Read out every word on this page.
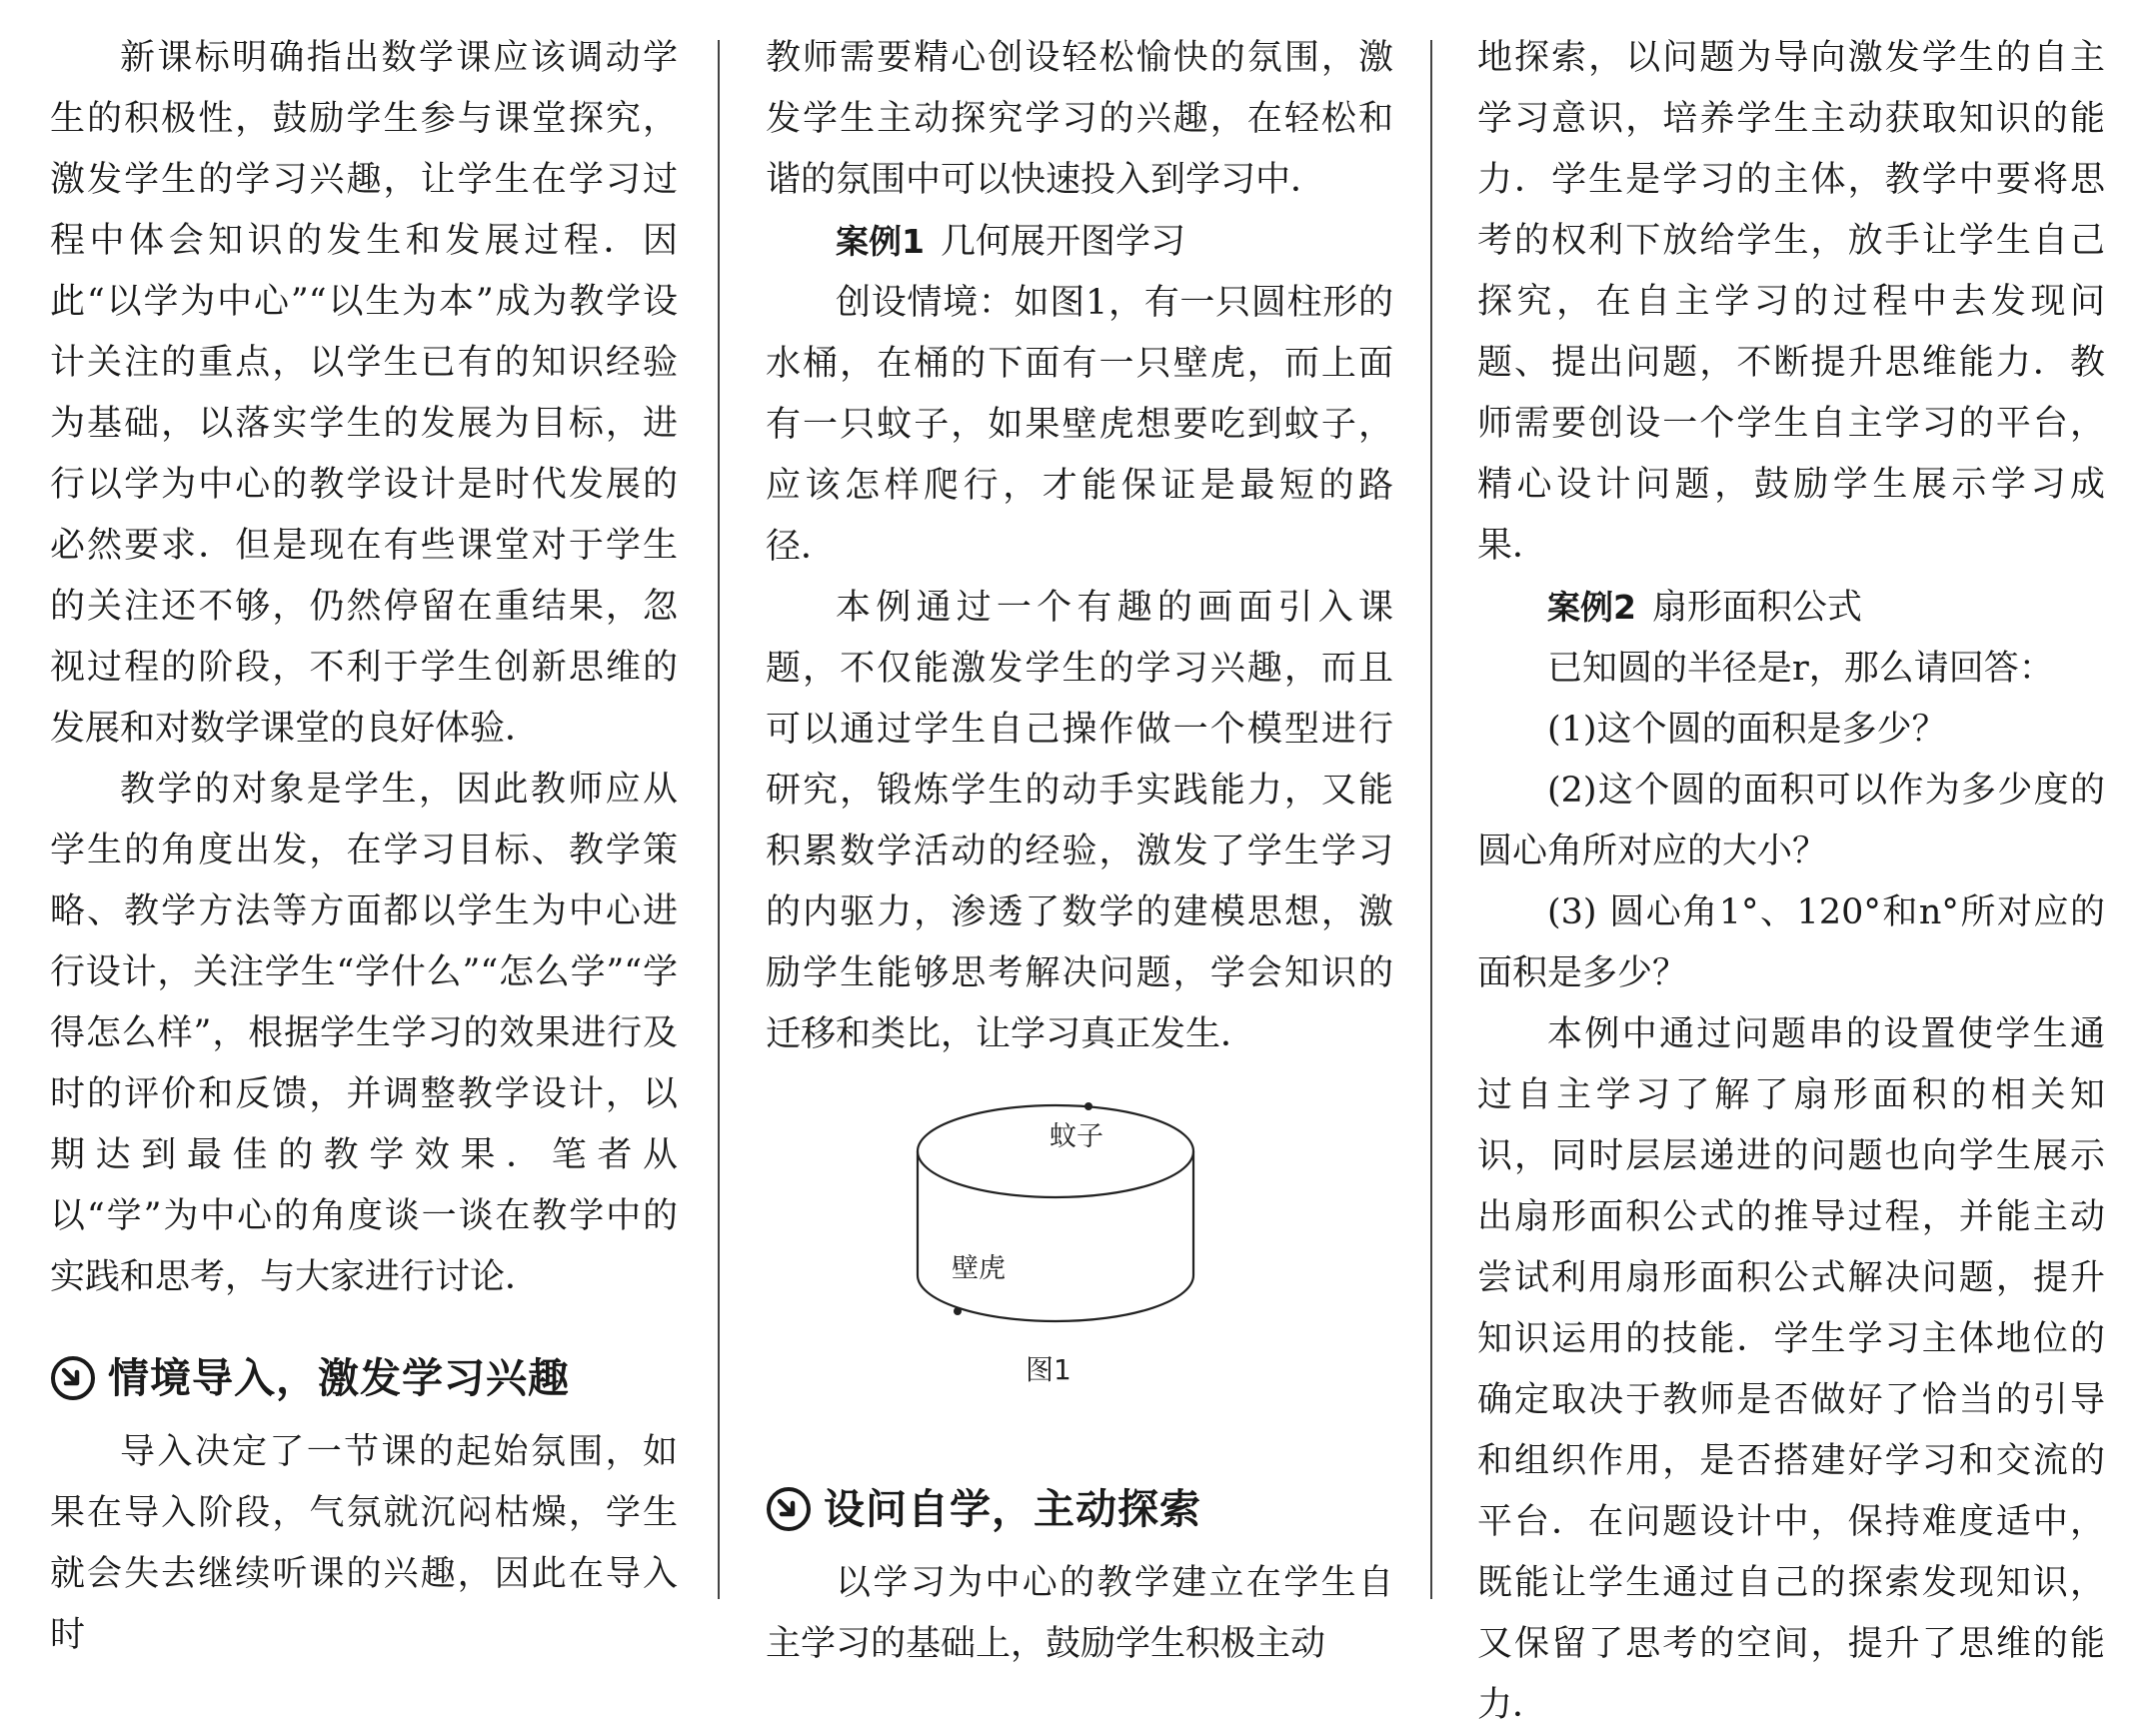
新课标明确指出数学课应该调动学生的积极性，鼓励学生参与课堂探究，激发学生的学习兴趣，让学生在学习过程中体会知识的发生和发展过程．因此“以学为中心”“以生为本”成为教学设计关注的重点，以学生已有的知识经验为基础，以落实学生的发展为目标，进行以学为中心的教学设计是时代发展的必然要求．但是现在有些课堂对于学生的关注还不够，仍然停留在重结果，忽视过程的阶段，不利于学生创新思维的发展和对数学课堂的良好体验．

教学的对象是学生，因此教师应从学生的角度出发，在学习目标、教学策略、教学方法等方面都以学生为中心进行设计，关注学生“学什么”“怎么学”“学得怎么样”，根据学生学习的效果进行及时的评价和反馈，并调整教学设计，以期达到最佳的教学效果．笔者从以“学”为中心的角度谈一谈在教学中的实践和思考，与大家进行讨论．

情境导入，激发学习兴趣

导入决定了一节课的起始氛围，如果在导入阶段，气氛就沉闷枯燥，学生就会失去继续听课的兴趣，因此在导入时

教师需要精心创设轻松愉快的氛围，激发学生主动探究学习的兴趣，在轻松和谐的氛围中可以快速投入到学习中．

案例1 几何展开图学习

创设情境：如图1，有一只圆柱形的水桶，在桶的下面有一只壁虎，而上面有一只蚊子，如果壁虎想要吃到蚊子，应该怎样爬行，才能保证是最短的路径．

本例通过一个有趣的画面引入课题，不仅能激发学生的学习兴趣，而且可以通过学生自己操作做一个模型进行研究，锻炼学生的动手实践能力，又能积累数学活动的经验，激发了学生学习的内驱力，渗透了数学的建模思想，激励学生能够思考解决问题，学会知识的迁移和类比，让学习真正发生．

蚊子
壁虎
图1
设问自学，主动探索

以学习为中心的教学建立在学生自主学习的基础上，鼓励学生积极主动

地探索，以问题为导向激发学生的自主学习意识，培养学生主动获取知识的能力．学生是学习的主体，教学中要将思考的权利下放给学生，放手让学生自己探究，在自主学习的过程中去发现问题、提出问题，不断提升思维能力．教师需要创设一个学生自主学习的平台，精心设计问题，鼓励学生展示学习成果．

案例2 扇形面积公式

已知圆的半径是r，那么请回答：

(1)这个圆的面积是多少？

(2)这个圆的面积可以作为多少度的圆心角所对应的大小？

(3) 圆心角1°、120°和n°所对应的面积是多少？

本例中通过问题串的设置使学生通过自主学习了解了扇形面积的相关知识，同时层层递进的问题也向学生展示出扇形面积公式的推导过程，并能主动尝试利用扇形面积公式解决问题，提升知识运用的技能．学生学习主体地位的确定取决于教师是否做好了恰当的引导和组织作用，是否搭建好学习和交流的平台．在问题设计中，保持难度适中，既能让学生通过自己的探索发现知识，又保留了思考的空间，提升了思维的能力．
